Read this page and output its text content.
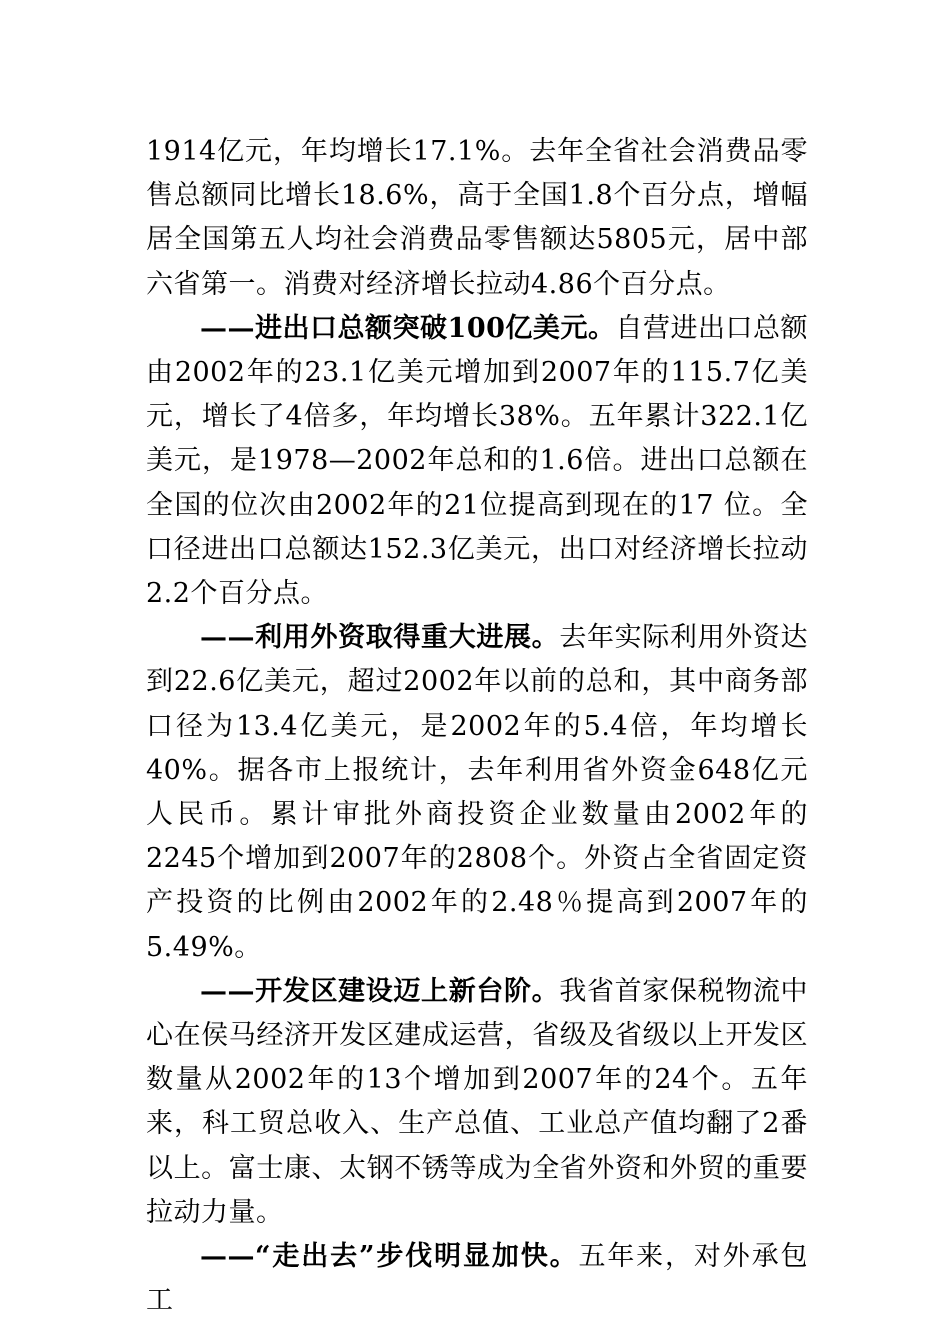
1914亿元，年均增长17.1%。去年全省社会消费品零售总额同比增长18.6%，高于全国1.8个百分点，增幅居全国第五人均社会消费品零售额达5805元，居中部六省第一。消费对经济增长拉动4.86个百分点。

——进出口总额突破100亿美元。自营进出口总额由2002年的23.1亿美元增加到2007年的115.7亿美元，增长了4倍多，年均增长38%。五年累计322.1亿美元，是1978—2002年总和的1.6倍。进出口总额在全国的位次由2002年的21位提高到现在的17 位。全口径进出口总额达152.3亿美元，出口对经济增长拉动2.2个百分点。

——利用外资取得重大进展。去年实际利用外资达到22.6亿美元，超过2002年以前的总和，其中商务部口径为13.4亿美元，是2002年的5.4倍，年均增长40%。据各市上报统计，去年利用省外资金648亿元人民币。累计审批外商投资企业数量由2002年的2245个增加到2007年的2808个。外资占全省固定资产投资的比例由2002年的2.48％提高到2007年的5.49%。

——开发区建设迈上新台阶。我省首家保税物流中心在侯马经济开发区建成运营，省级及省级以上开发区数量从2002年的13个增加到2007年的24个。五年来，科工贸总收入、生产总值、工业总产值均翻了2番以上。富士康、太钢不锈等成为全省外资和外贸的重要拉动力量。

——“走出去”步伐明显加快。五年来，对外承包工
